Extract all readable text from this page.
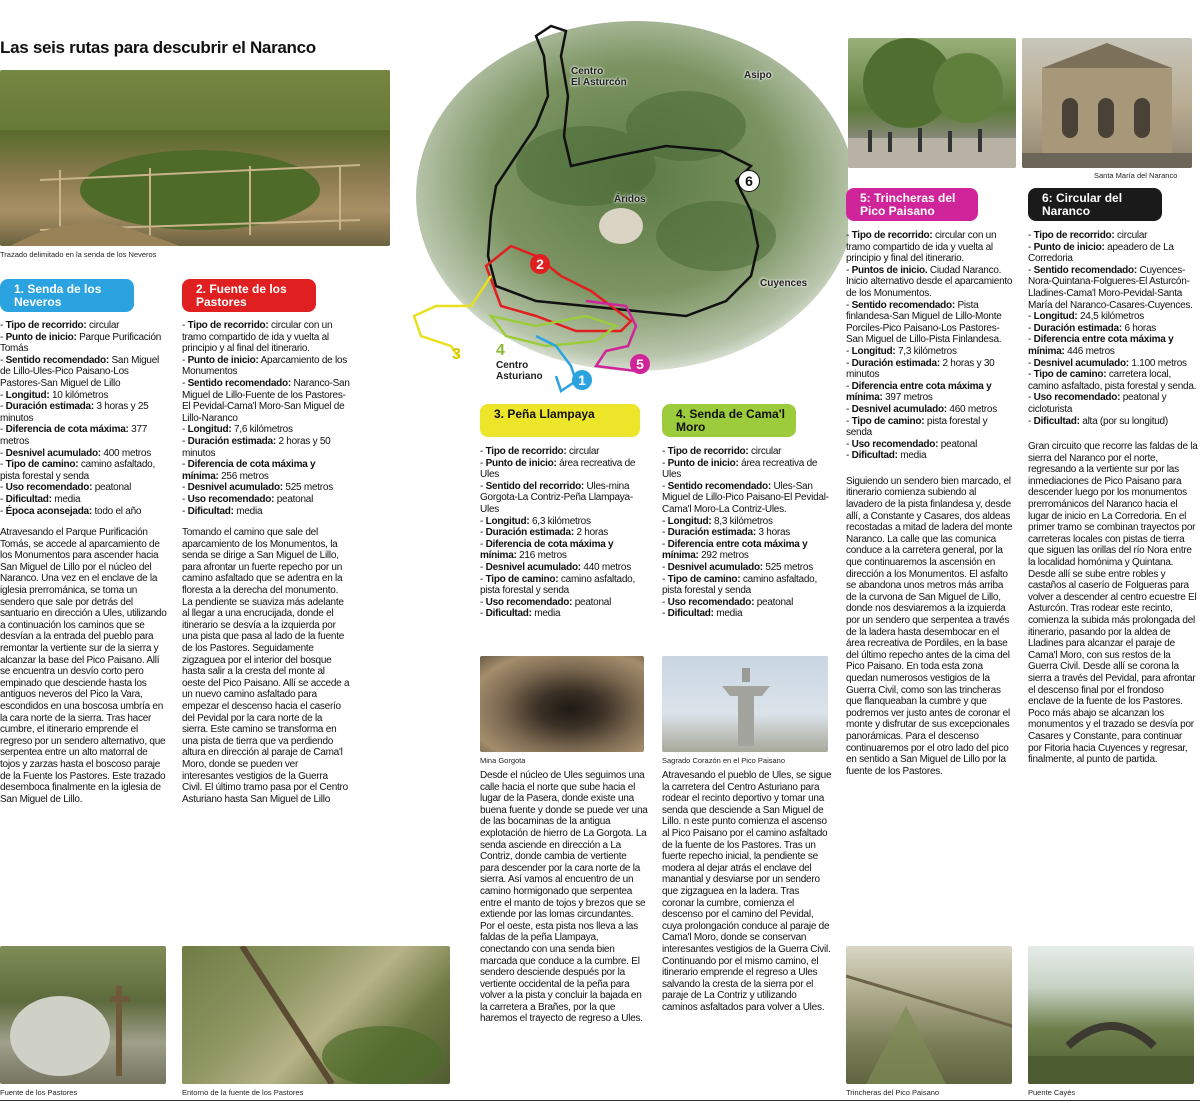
Las seis rutas para descubrir el Naranco
Trazado delimitado en la senda de los Neveros
Santa María del Naranco
Centro
El Asturcón
Asipo
Áridos
Cuyences
Centro
Asturiano	1
2
3 4
5
6
1. Senda de los Neveros
2. Fuente de los Pastores
3. Peña Llampaya	4. Senda de Cama'l Moro
5: Trincheras del Pico Paisano
6: Circular del Naranco
- Tipo de recorrido: circular
- Punto de inicio: Parque Purificación Tomás
- Sentido recomendado: San Miguel de Lillo-Ules-Pico Paisano-Los Pastores-San Miguel de Lillo
- Longitud: 10 kilómetros
- Duración estimada: 3 horas y 25 minutos
- Diferencia de cota máxima: 377 metros
- Desnivel acumulado: 400 metros
- Tipo de camino: camino asfaltado, pista forestal y senda
- Uso recomendado: peatonal
- Dificultad: media
- Época aconsejada: todo el año

Atravesando el Parque Purificación Tomás, se accede al aparcamiento de los Monumentos para ascender hacia San Miguel de Lillo por el núcleo del Naranco. Una vez en el enclave de la iglesia prerrománica, se toma un sendero que sale por detrás del santuario en dirección a Ules, utilizando a continuación los caminos que se desvían a la entrada del pueblo para remontar la vertiente sur de la sierra y alcanzar la base del Pico Paisano. Allí se encuentra un desvío corto pero empinado que desciende hasta los antiguos neveros del Pico la Vara, escondidos en una boscosa umbría en la cara norte de la sierra. Tras hacer cumbre, el itinerario emprende el regreso por un sendero alternativo, que serpentea entre un alto matorral de tojos y zarzas hasta el boscoso paraje de la Fuente los Pastores. Este trazado desemboca finalmente en la iglesia de San Miguel de Lillo.

- Tipo de recorrido: circular con un tramo compartido de ida y vuelta al principio y al final del itinerario.
- Punto de inicio: Aparcamiento de los Monumentos
- Sentido recomendado: Naranco-San Miguel de Lillo-Fuente de los Pastores-El Pevidal-Cama'l Moro-San Miguel de Lillo-Naranco
- Longitud: 7,6 kilómetros
- Duración estimada: 2 horas y 50 minutos
- Diferencia de cota máxima y mínima: 256 metros
- Desnivel acumulado: 525 metros
- Uso recomendado: peatonal
- Dificultad: media

Tomando el camino que sale del aparcamiento de los Monumentos, la senda se dirige a San Miguel de Lillo, para afrontar un fuerte repecho por un camino asfaltado que se adentra en la floresta a la derecha del monumento. La pendiente se suaviza más adelante al llegar a una encrucijada, donde el itinerario se desvía a la izquierda por una pista que pasa al lado de la fuente de los Pastores. Seguidamente zigzaguea por el interior del bosque hasta salir a la cresta del monte al oeste del Pico Paisano. Allí se accede a un nuevo camino asfaltado para empezar el descenso hacia el caserío del Pevidal por la cara norte de la sierra. Este camino se transforma en una pista de tierra que va perdiendo altura en dirección al paraje de Cama'l Moro, donde se pueden ver interesantes vestigios de la Guerra Civil. El último tramo pasa por el Centro Asturiano hasta San Miguel de Lillo

- Tipo de recorrido: circular
- Punto de inicio: área recreativa de Ules
- Sentido del recorrido: Ules-mina Gorgota-La Contriz-Peña Llampaya-Ules
- Longitud: 6,3 kilómetros
- Duración estimada: 2 horas
- Diferencia de cota máxima y mínima: 216 metros
- Desnivel acumulado: 440 metros
- Tipo de camino: camino asfaltado, pista forestal y senda
- Uso recomendado: peatonal
- Dificultad: media
Mina Gorgota

Desde el núcleo de Ules seguimos una calle hacia el norte que sube hacia el lugar de la Pasera, donde existe una buena fuente y donde se puede ver una de las bocaminas de la antigua explotación de hierro de La Gorgota. La senda asciende en dirección a La Contriz, donde cambia de vertiente para descender por la cara norte de la sierra. Así vamos al encuentro de un camino hormigonado que serpentea entre el manto de tojos y brezos que se extiende por las lomas circundantes. Por el oeste, esta pista nos lleva a las faldas de la peña Llampaya, conectando con una senda bien marcada que conduce a la cumbre. El sendero desciende después por la vertiente occidental de la peña para volver a la pista y concluir la bajada en la carretera a Brañes, por la que haremos el trayecto de regreso a Ules.

- Tipo de recorrido: circular
- Punto de inicio: área recreativa de Ules
- Sentido recomendado: Ules-San Miguel de Lillo-Pico Paisano-El Pevidal-Cama'l Moro-La Contriz-Ules.
- Longitud: 8,3 kilómetros
- Duración estimada: 3 horas
- Diferencia entre cota máxima y mínima: 292 metros
- Desnivel acumulado: 525 metros
- Tipo de camino: camino asfaltado, pista forestal y senda
- Uso recomendado: peatonal
- Dificultad: media
Sagrado Corazón en el Pico Paisano

Atravesando el pueblo de Ules, se sigue la carretera del Centro Asturiano para rodear el recinto deportivo y tomar una senda que desciende a San Miguel de Lillo. n este punto comienza el ascenso al Pico Paisano por el camino asfaltado de la fuente de los Pastores. Tras un fuerte repecho inicial, la pendiente se modera al dejar atrás el enclave del manantial y desviarse por un sendero que zigzaguea en la ladera. Tras coronar la cumbre, comienza el descenso por el camino del Pevidal, cuya prolongación conduce al paraje de Cama'l Moro, donde se conservan interesantes vestigios de la Guerra Civil. Continuando por el mismo camino, el itinerario emprende el regreso a Ules salvando la cresta de la sierra por el paraje de La Contriz y utilizando caminos asfaltados para volver a Ules.

- Tipo de recorrido: circular con un tramo compartido de ida y vuelta al principio y final del itinerario.
- Puntos de inicio. Ciudad Naranco. Inicio alternativo desde el aparcamiento de los Monumentos.
- Sentido recomendado: Pista finlandesa-San Miguel de Lillo-Monte Porciles-Pico Paisano-Los Pastores-San Miguel de Lillo-Pista Finlandesa.
- Longitud: 7,3 kilómetros
- Duración estimada: 2 horas y 30 minutos
- Diferencia entre cota máxima y mínima: 397 metros
- Desnivel acumulado: 460 metros
- Tipo de camino: pista forestal y senda
- Uso recomendado: peatonal
- Dificultad: media

Siguiendo un sendero bien marcado, el itinerario comienza subiendo al lavadero de la pista finlandesa y, desde allí, a Constante y Casares, dos aldeas recostadas a mitad de ladera del monte Naranco. La calle que las comunica conduce a la carretera general, por la que continuaremos la ascensión en dirección a los Monumentos. El asfalto se abandona unos metros más arriba de la curvona de San Miguel de Lillo, donde nos desviaremos a la izquierda por un sendero que serpentea a través de la ladera hasta desembocar en el área recreativa de Pordiles, en la base del último repecho antes de la cima del Pico Paisano. En toda esta zona quedan numerosos vestigios de la Guerra Civil, como son las trincheras que flanqueaban la cumbre y que podremos ver justo antes de coronar el monte y disfrutar de sus excepcionales panorámicas. Para el descenso continuaremos por el otro lado del pico en sentido a San Miguel de Lillo por la fuente de los Pastores.

- Tipo de recorrido: circular
- Punto de inicio: apeadero de La Corredoria
- Sentido recomendado: Cuyences-Nora-Quintana-Folgueres-El Asturcón-Lladines-Cama'l Moro-Pevidal-Santa María del Naranco-Casares-Cuyences.
- Longitud: 24,5 kilómetros
- Duración estimada: 6 horas
- Diferencia entre cota máxima y mínima: 446 metros
- Desnivel acumulado: 1.100 metros
- Tipo de camino: carretera local, camino asfaltado, pista forestal y senda.
- Uso recomendado: peatonal y cicloturista
- Dificultad: alta (por su longitud)

Gran circuito que recorre las faldas de la sierra del Naranco por el norte, regresando a la vertiente sur por las inmediaciones de Pico Paisano para descender luego por los monumentos prerrománicos del Naranco hacia el lugar de inicio en La Corredoria. En el primer tramo se combinan trayectos por carreteras locales con pistas de tierra que siguen las orillas del río Nora entre la localidad homónima y Quintana. Desde allí se sube entre robles y castaños al caserío de Folgueras para volver a descender al centro ecuestre El Asturcón. Tras rodear este recinto, comienza la subida más prolongada del itinerario, pasando por la aldea de Lladines para alcanzar el paraje de Cama'l Moro, con sus restos de la Guerra Civil. Desde allí se corona la sierra a través del Pevidal, para afrontar el descenso final por el frondoso enclave de la fuente de los Pastores. Poco más abajo se alcanzan los monumentos y el trazado se desvía por Casares y Constante, para continuar por Fitoria hacia Cuyences y regresar, finalmente, al punto de partida.

Fuente de los Pastores	Entorno de la fuente de los Pastores	Trincheras del Pico Paisano	Puente Cayés
